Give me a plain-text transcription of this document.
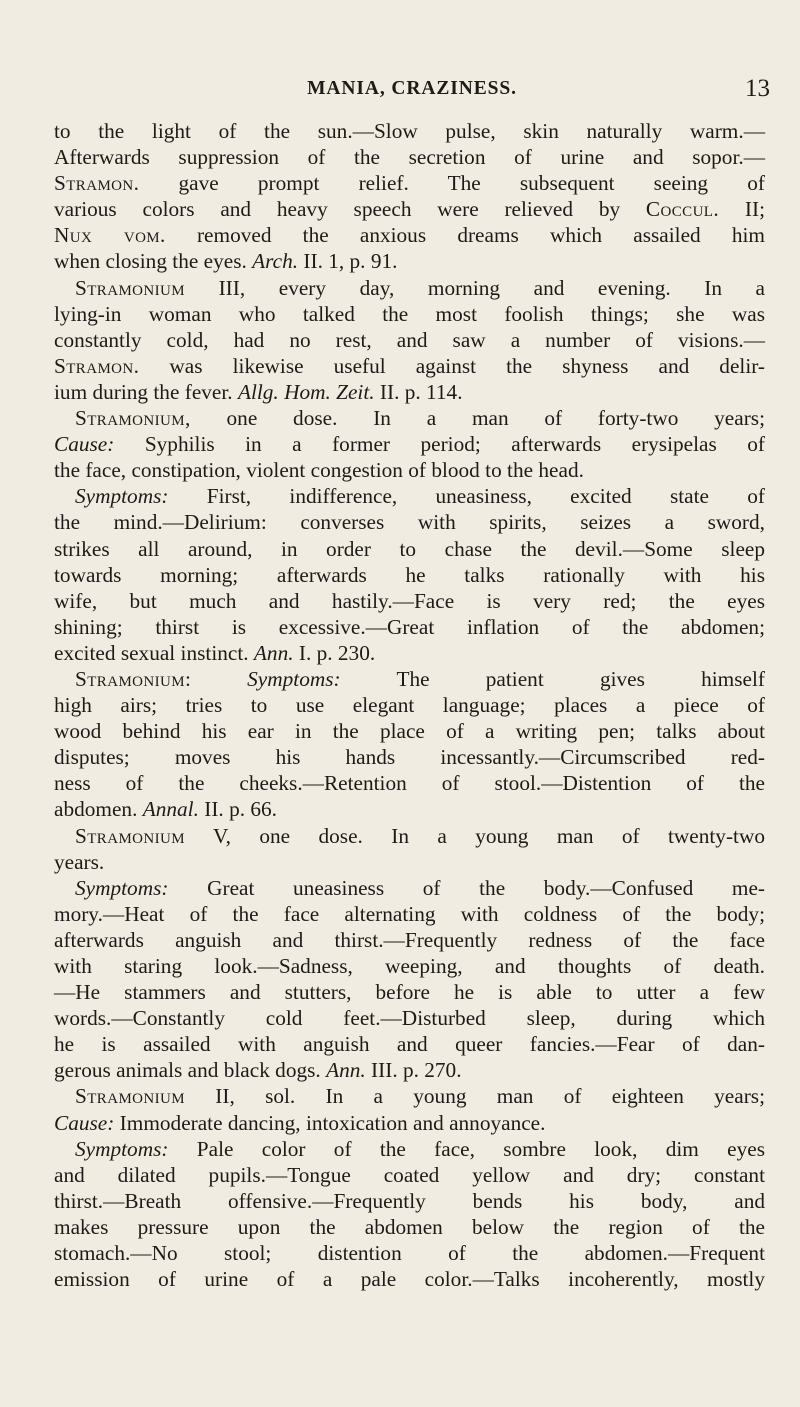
MANIA, CRAZINESS.	13

to the light of the sun.—Slow pulse, skin naturally warm.—
Afterwards suppression of the secretion of urine and sopor.—
Stramon. gave prompt relief. The subsequent seeing of
various colors and heavy speech were relieved by Coccul. II;
Nux vom. removed the anxious dreams which assailed him
when closing the eyes. Arch. II. 1, p. 91.

Stramonium III, every day, morning and evening. In a
lying-in woman who talked the most foolish things; she was
constantly cold, had no rest, and saw a number of visions.—
Stramon. was likewise useful against the shyness and delir-
ium during the fever. Allg. Hom. Zeit. II. p. 114.

Stramonium, one dose. In a man of forty-two years;
Cause: Syphilis in a former period; afterwards erysipelas of
the face, constipation, violent congestion of blood to the head.

Symptoms: First, indifference, uneasiness, excited state of
the mind.—Delirium: converses with spirits, seizes a sword,
strikes all around, in order to chase the devil.—Some sleep
towards morning; afterwards he talks rationally with his
wife, but much and hastily.—Face is very red; the eyes
shining; thirst is excessive.—Great inflation of the abdomen;
excited sexual instinct. Ann. I. p. 230.

Stramonium: Symptoms: The patient gives himself
high airs; tries to use elegant language; places a piece of
wood behind his ear in the place of a writing pen; talks about
disputes; moves his hands incessantly.—Circumscribed red-
ness of the cheeks.—Retention of stool.—Distention of the
abdomen. Annal. II. p. 66.

Stramonium V, one dose. In a young man of twenty-two
years.

Symptoms: Great uneasiness of the body.—Confused me-
mory.—Heat of the face alternating with coldness of the body;
afterwards anguish and thirst.—Frequently redness of the face
with staring look.—Sadness, weeping, and thoughts of death.
—He stammers and stutters, before he is able to utter a few
words.—Constantly cold feet.—Disturbed sleep, during which
he is assailed with anguish and queer fancies.—Fear of dan-
gerous animals and black dogs. Ann. III. p. 270.

Stramonium II, sol. In a young man of eighteen years;
Cause: Immoderate dancing, intoxication and annoyance.

Symptoms: Pale color of the face, sombre look, dim eyes
and dilated pupils.—Tongue coated yellow and dry; constant
thirst.—Breath offensive.—Frequently bends his body, and
makes pressure upon the abdomen below the region of the
stomach.—No stool; distention of the abdomen.—Frequent
emission of urine of a pale color.—Talks incoherently, mostly
